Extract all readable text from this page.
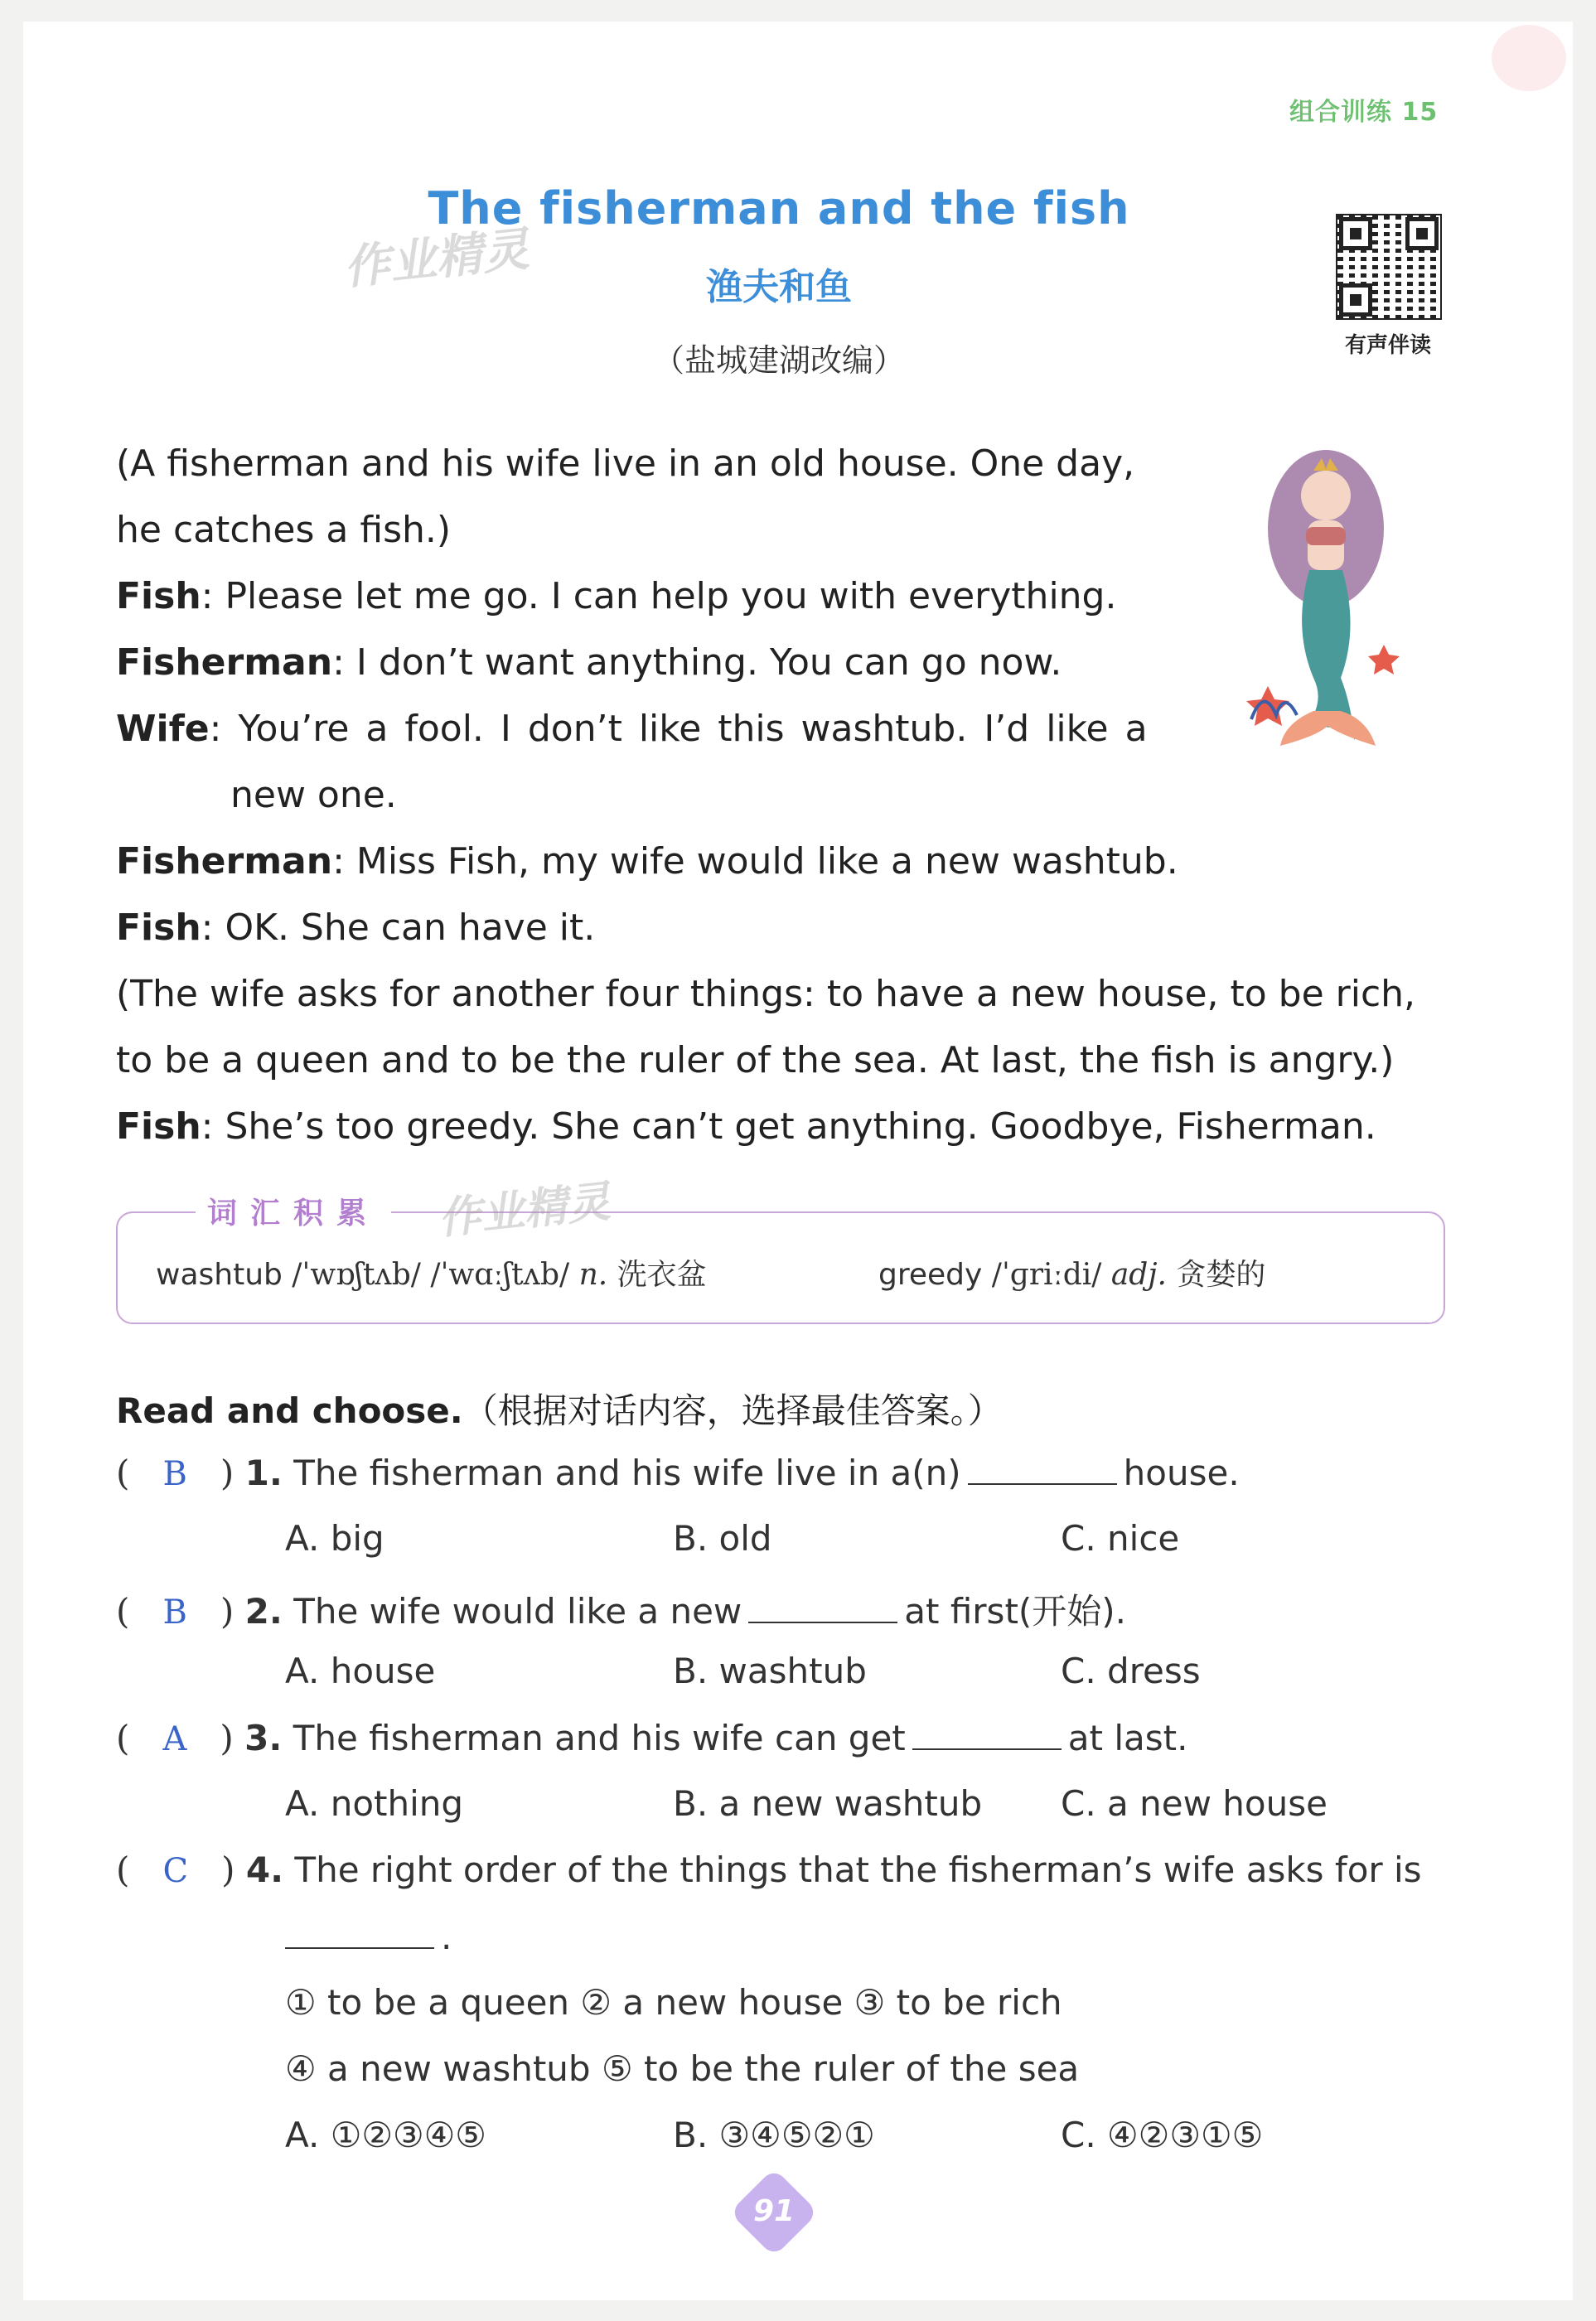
组合训练 15
The fisherman and the fish
渔夫和鱼
（盐城建湖改编）
作业精灵
有声伴读

(A fisherman and his wife live in an old house. One day,

he catches a fish.)

Fish: Please let me go. I can help you with everything.

Fisherman: I don’t want anything. You can go now.

Wife: You’re a fool. I don’t like this washtub. I’d like a

new one.

Fisherman: Miss Fish, my wife would like a new washtub.

Fish: OK. She can have it.

(The wife asks for another four things: to have a new house, to be rich,

to be a queen and to be the ruler of the sea. At last, the fish is angry.)

Fish: She’s too greedy. She can’t get anything. Goodbye, Fisherman.

词汇积累 作业精灵
washtub /ˈwɒʃtʌb/ /ˈwɑːʃtʌb/ n. 洗衣盆	greedy /ˈɡriːdi/ adj. 贪婪的
Read and choose.（根据对话内容，选择最佳答案。）
( B ) 1. The fisherman and his wife live in a(n)	house.
A. big	B. old	C. nice
( B ) 2. The wife would like a new	at first(开始).
A. house	B. washtub	C. dress
( A ) 3. The fisherman and his wife can get	at last.
A. nothing	B. a new washtub C. a new house
( C ) 4. The right order of the things that the fisherman’s wife asks for is
.
① to be a queen ② a new house ③ to be rich
④ a new washtub ⑤ to be the ruler of the sea
A. ①②③④⑤	B. ③④⑤②①	C. ④②③①⑤
91
